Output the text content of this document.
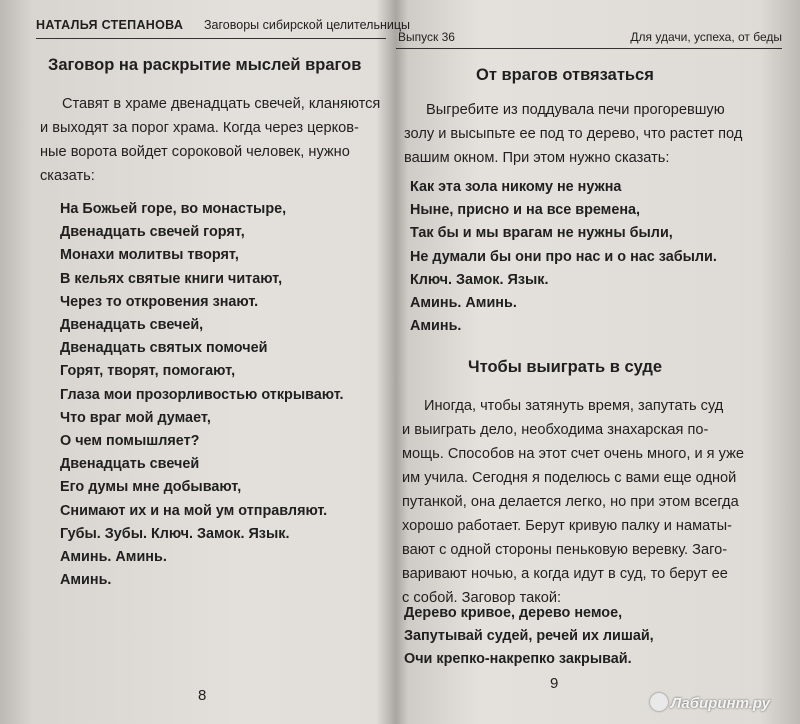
НАТАЛЬЯ СТЕПАНОВА Заговоры сибирской целительницы
Заговор на раскрытие мыслей врагов
Ставят в храме двенадцать свечей, кланяются
и выходят за порог храма. Когда через церков-
ные ворота войдет сороковой человек, нужно
сказать:
На Божьей горе, во монастыре,
Двенадцать свечей горят,
Монахи молитвы творят,
В кельях святые книги читают,
Через то откровения знают.
Двенадцать свечей,
Двенадцать святых помочей
Горят, творят, помогают,
Глаза мои прозорливостью открывают.
Что враг мой думает,
О чем помышляет?
Двенадцать свечей
Его думы мне добывают,
Снимают их и на мой ум отправляют.
Губы. Зубы. Ключ. Замок. Язык.
Аминь. Аминь.
Аминь.
8
Выпуск 36	Для удачи, успеха, от беды
От врагов отвязаться
Выгребите из поддувала печи прогоревшую
золу и высыпьте ее под то дерево, что растет под
вашим окном. При этом нужно сказать:
Как эта зола никому не нужна
Ныне, присно и на все времена,
Так бы и мы врагам не нужны были,
Не думали бы они про нас и о нас забыли.
Ключ. Замок. Язык.
Аминь. Аминь.
Аминь.
Чтобы выиграть в суде
Иногда, чтобы затянуть время, запутать суд
и выиграть дело, необходима знахарская по-
мощь. Способов на этот счет очень много, и я уже
им учила. Сегодня я поделюсь с вами еще одной
путанкой, она делается легко, но при этом всегда
хорошо работает. Берут кривую палку и наматы-
вают с одной стороны пеньковую веревку. Заго-
варивают ночью, а когда идут в суд, то берут ее
с собой. Заговор такой:
Дерево кривое, дерево немое,
Запутывай судей, речей их лишай,
Очи крепко-накрепко закрывай.
9
Лабиринт.ру
